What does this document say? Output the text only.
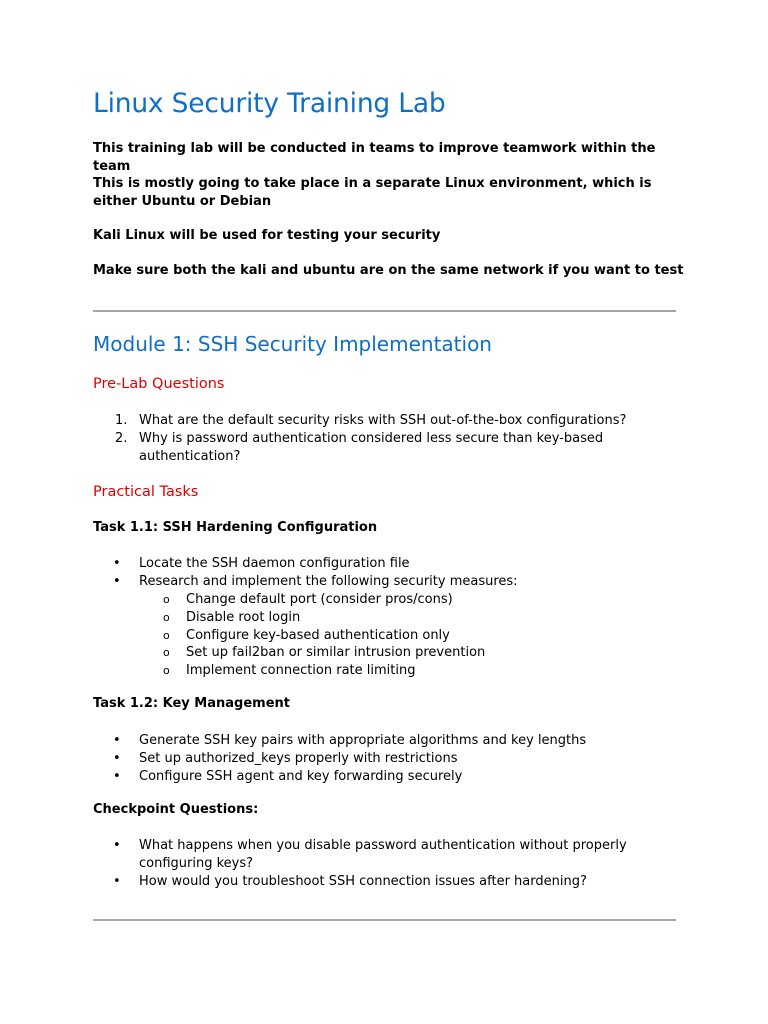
Linux Security Training Lab

This training lab will be conducted in teams to improve teamwork within the team

This is mostly going to take place in a separate Linux environment, which is either Ubuntu or Debian

Kali Linux will be used for testing your security

Make sure both the kali and ubuntu are on the same network if you want to test

Module 1: SSH Security Implementation
Pre-Lab Questions
1. What are the default security risks with SSH out-of-the-box configurations?
2. Why is password authentication considered less secure than key-based authentication?
Practical Tasks
Task 1.1: SSH Hardening Configuration
• Locate the SSH daemon configuration file
• Research and implement the following security measures:
o Change default port (consider pros/cons)
o Disable root login
o Configure key-based authentication only
o Set up fail2ban or similar intrusion prevention
o Implement connection rate limiting
Task 1.2: Key Management
• Generate SSH key pairs with appropriate algorithms and key lengths
• Set up authorized_keys properly with restrictions
• Configure SSH agent and key forwarding securely
Checkpoint Questions:
• What happens when you disable password authentication without properly configuring keys?
• How would you troubleshoot SSH connection issues after hardening?
